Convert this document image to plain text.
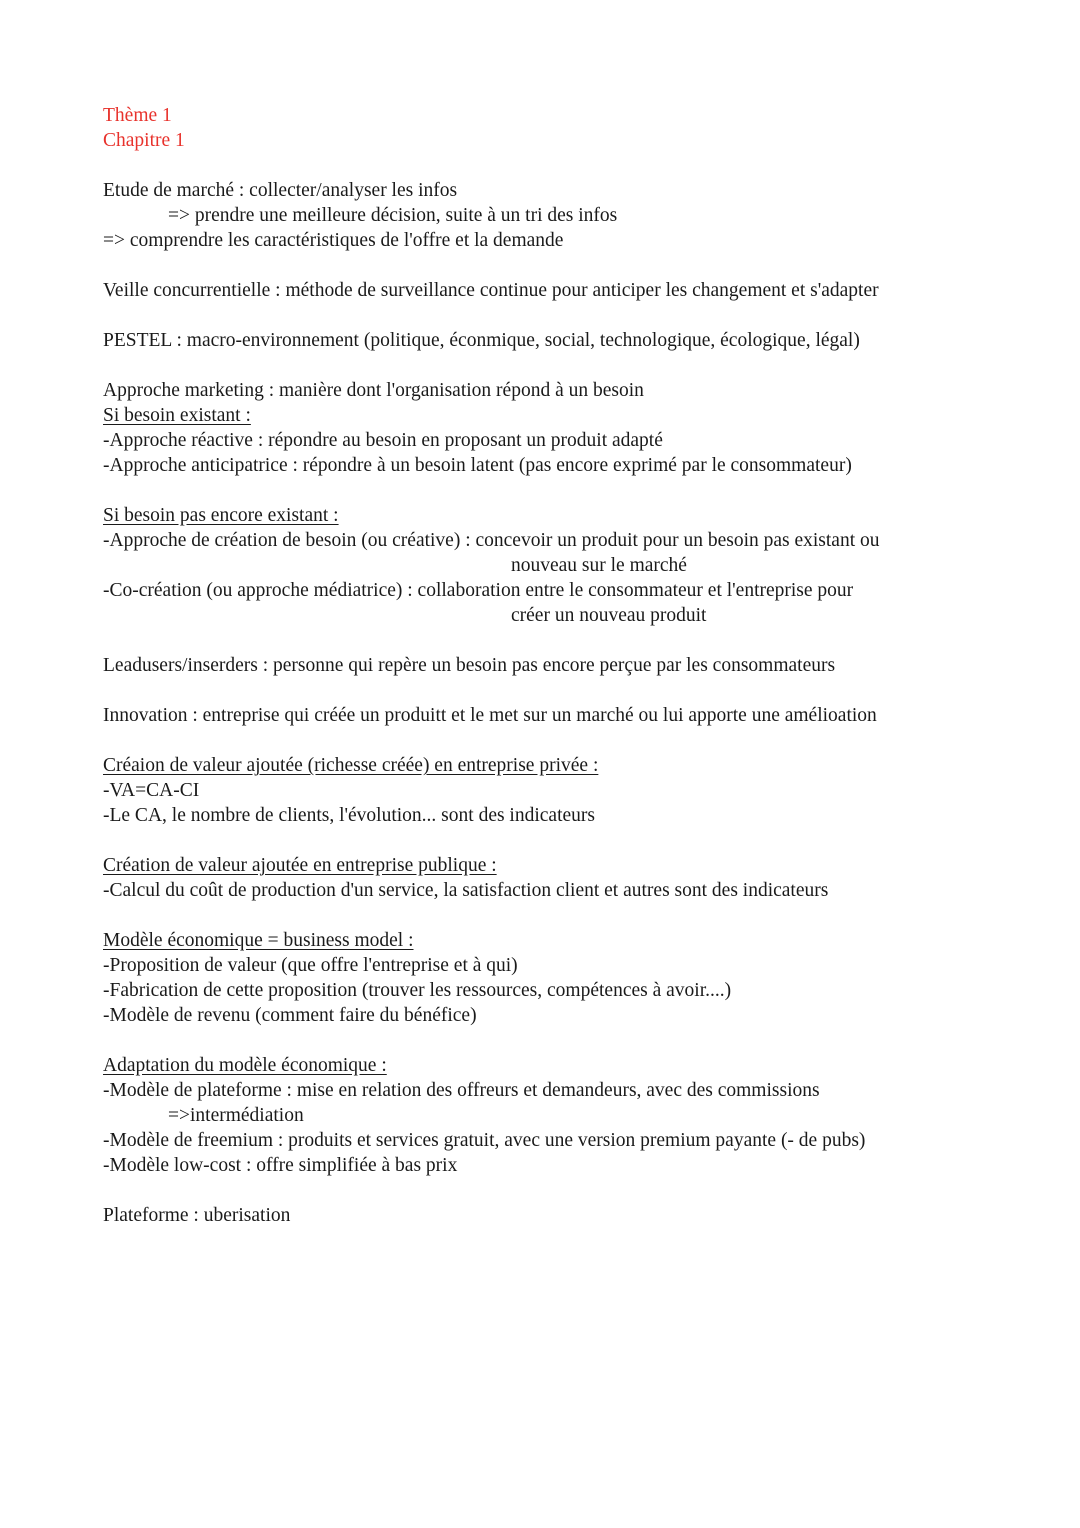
Thème 1
Chapitre 1
Etude de marché : collecter/analyser les infos
=> prendre une meilleure décision, suite à un tri des infos
=> comprendre les caractéristiques de l'offre et la demande
Veille concurrentielle : méthode de surveillance continue pour anticiper les changement et s'adapter
PESTEL : macro-environnement (politique, éconmique, social, technologique, écologique, légal)
Approche marketing : manière dont l'organisation répond à un besoin
Si besoin existant :
-Approche réactive : répondre au besoin en proposant un produit adapté
-Approche anticipatrice : répondre à un besoin latent (pas encore exprimé par le consommateur)
Si besoin pas encore existant :
-Approche de création de besoin (ou créative) : concevoir un produit pour un besoin pas existant ou
nouveau sur le marché
-Co-création (ou approche médiatrice) : collaboration entre le consommateur et l'entreprise pour
créer un nouveau produit
Leadusers/inserders : personne qui repère un besoin pas encore perçue par les consommateurs
Innovation : entreprise qui créée un produitt et le met sur un marché ou lui apporte une amélioation
Créaion de valeur ajoutée (richesse créée) en entreprise privée :
-VA=CA-CI
-Le CA, le nombre de clients, l'évolution... sont des indicateurs
Création de valeur ajoutée en entreprise publique :
-Calcul du coût de production d'un service, la satisfaction client et autres sont des indicateurs
Modèle économique = business model :
-Proposition de valeur (que offre l'entreprise et à qui)
-Fabrication de cette proposition (trouver les ressources, compétences à avoir....)
-Modèle de revenu (comment faire du bénéfice)
Adaptation du modèle économique :
-Modèle de plateforme : mise en relation des offreurs et demandeurs, avec des commissions
=>intermédiation
-Modèle de freemium : produits et services gratuit, avec une version premium payante (- de pubs)
-Modèle low-cost : offre simplifiée à bas prix
Plateforme : uberisation
